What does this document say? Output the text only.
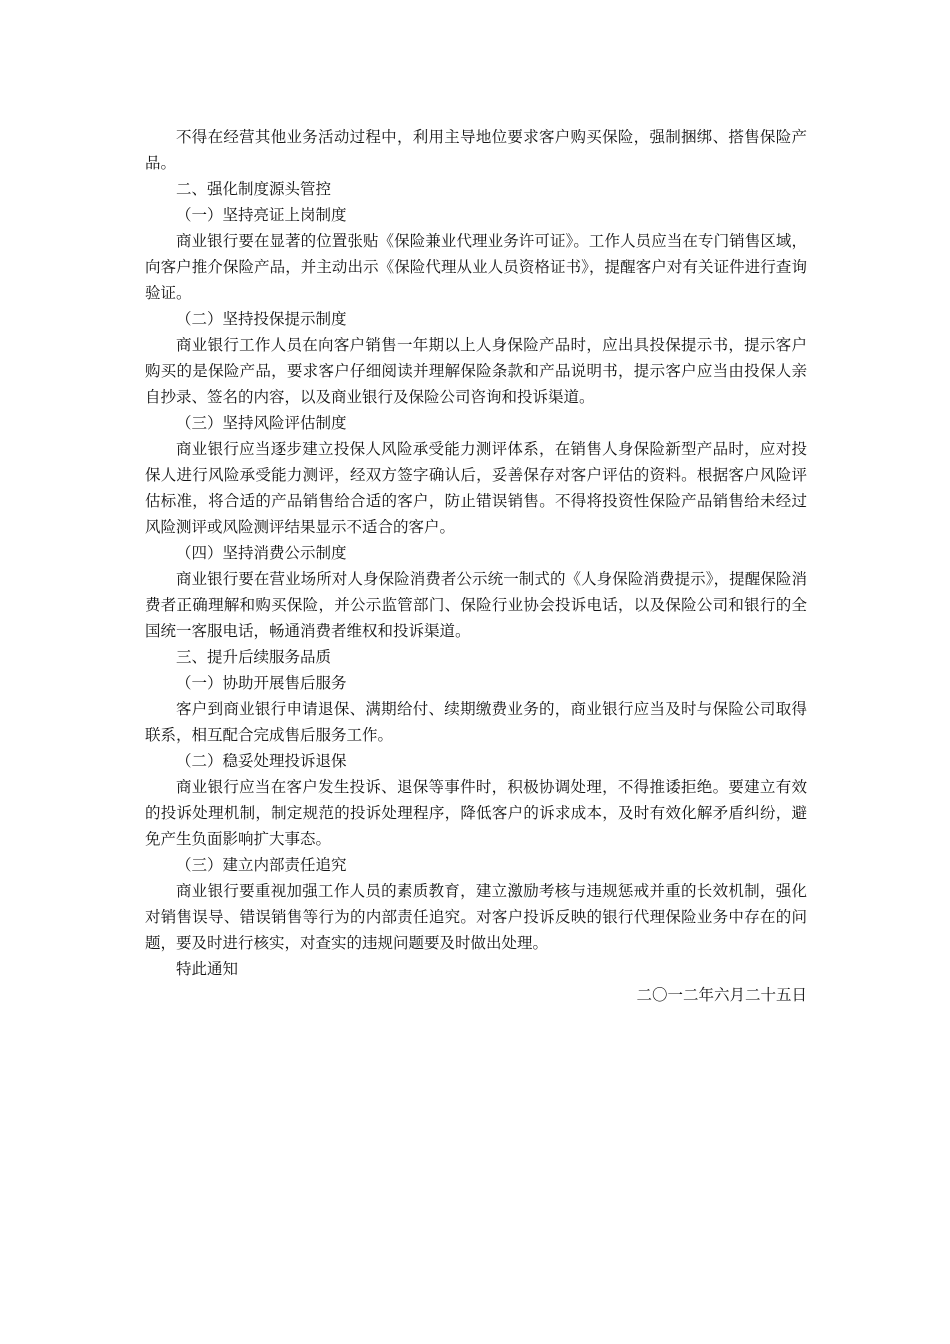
不得在经营其他业务活动过程中，利用主导地位要求客户购买保险，强制捆绑、搭售保险产品。

二、强化制度源头管控

（一）坚持亮证上岗制度

商业银行要在显著的位置张贴《保险兼业代理业务许可证》。工作人员应当在专门销售区域，向客户推介保险产品，并主动出示《保险代理从业人员资格证书》，提醒客户对有关证件进行查询验证。

（二）坚持投保提示制度

商业银行工作人员在向客户销售一年期以上人身保险产品时，应出具投保提示书，提示客户购买的是保险产品，要求客户仔细阅读并理解保险条款和产品说明书，提示客户应当由投保人亲自抄录、签名的内容，以及商业银行及保险公司咨询和投诉渠道。

（三）坚持风险评估制度

商业银行应当逐步建立投保人风险承受能力测评体系，在销售人身保险新型产品时，应对投保人进行风险承受能力测评，经双方签字确认后，妥善保存对客户评估的资料。根据客户风险评估标准，将合适的产品销售给合适的客户，防止错误销售。不得将投资性保险产品销售给未经过风险测评或风险测评结果显示不适合的客户。

（四）坚持消费公示制度

商业银行要在营业场所对人身保险消费者公示统一制式的《人身保险消费提示》，提醒保险消费者正确理解和购买保险，并公示监管部门、保险行业协会投诉电话，以及保险公司和银行的全国统一客服电话，畅通消费者维权和投诉渠道。

三、提升后续服务品质

（一）协助开展售后服务

客户到商业银行申请退保、满期给付、续期缴费业务的，商业银行应当及时与保险公司取得联系，相互配合完成售后服务工作。

（二）稳妥处理投诉退保

商业银行应当在客户发生投诉、退保等事件时，积极协调处理，不得推诿拒绝。要建立有效的投诉处理机制，制定规范的投诉处理程序，降低客户的诉求成本，及时有效化解矛盾纠纷，避免产生负面影响扩大事态。

（三）建立内部责任追究

商业银行要重视加强工作人员的素质教育，建立激励考核与违规惩戒并重的长效机制，强化对销售误导、错误销售等行为的内部责任追究。对客户投诉反映的银行代理保险业务中存在的问题，要及时进行核实，对查实的违规问题要及时做出处理。

特此通知

二〇一二年六月二十五日
